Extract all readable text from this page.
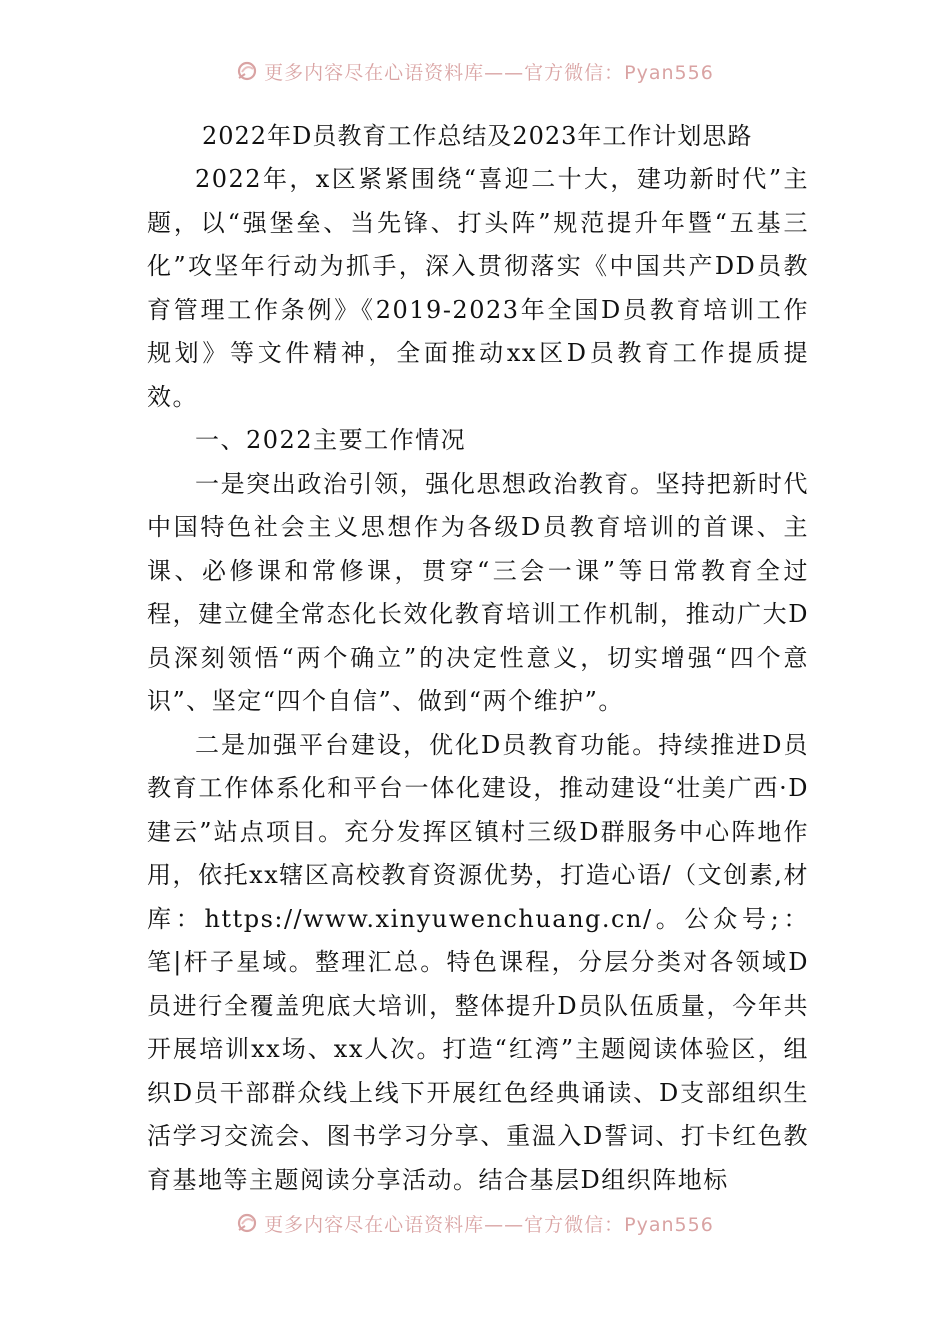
更多内容尽在心语资料库——官方微信：Pyan556
2022年D员教育工作总结及2023年工作计划思路

2022年，x区紧紧围绕“喜迎二十大，建功新时代”主题，以“强堡垒、当先锋、打头阵”规范提升年暨“五基三化”攻坚年行动为抓手，深入贯彻落实《中国共产DD员教育管理工作条例》《2019-2023年全国D员教育培训工作规划》等文件精神，全面推动xx区D员教育工作提质提效。

一、2022主要工作情况

一是突出政治引领，强化思想政治教育。坚持把新时代中国特色社会主义思想作为各级D员教育培训的首课、主课、必修课和常修课，贯穿“三会一课”等日常教育全过程，建立健全常态化长效化教育培训工作机制，推动广大D员深刻领悟“两个确立”的决定性意义，切实增强“四个意识”、坚定“四个自信”、做到“两个维护”。

二是加强平台建设，优化D员教育功能。持续推进D员教育工作体系化和平台一体化建设，推动建设“壮美广西·D建云”站点项目。充分发挥区镇村三级D群服务中心阵地作用，依托xx辖区高校教育资源优势，打造心语/（文创素,材库：https://www.xinyuwenchuang.cn/。公众号;：笔|杆子星域。整理汇总。特色课程，分层分类对各领域D员进行全覆盖兜底大培训，整体提升D员队伍质量，今年共开展培训xx场、xx人次。打造“红湾”主题阅读体验区，组织D员干部群众线上线下开展红色经典诵读、D支部组织生活学习交流会、图书学习分享、重温入D誓词、打卡红色教育基地等主题阅读分享活动。结合基层D组织阵地标

更多内容尽在心语资料库——官方微信：Pyan556
